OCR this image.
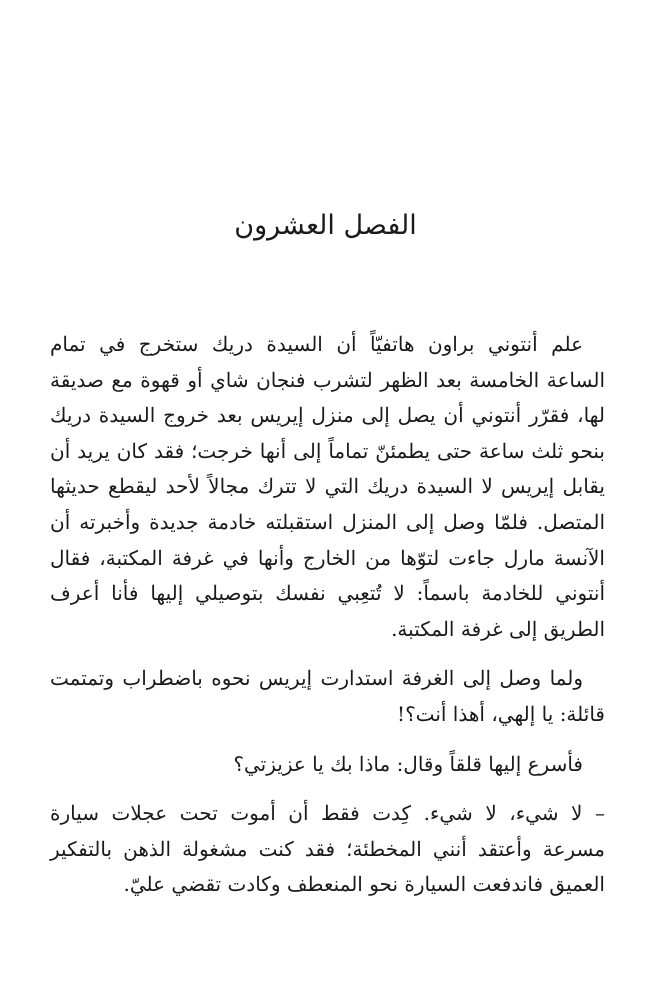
الفصل العشرون

علم أنتوني براون هاتفيّاً أن السيدة دريك ستخرج في تمام الساعة الخامسة بعد الظهر لتشرب فنجان شاي أو قهوة مع صديقة لها، فقرّر أنتوني أن يصل إلى منزل إيريس بعد خروج السيدة دريك بنحو ثلث ساعة حتى يطمئنّ تماماً إلى أنها خرجت؛ فقد كان يريد أن يقابل إيريس لا السيدة دريك التي لا تترك مجالاً لأحد ليقطع حديثها المتصل. فلمّا وصل إلى المنزل استقبلته خادمة جديدة وأخبرته أن الآنسة مارل جاءت لتوّها من الخارج وأنها في غرفة المكتبة، فقال أنتوني للخادمة باسماً: لا تُتعِبي نفسك بتوصيلي إليها فأنا أعرف الطريق إلى غرفة المكتبة.

ولما وصل إلى الغرفة استدارت إيريس نحوه باضطراب وتمتمت قائلة: يا إلهي، أهذا أنت؟!

فأسرع إليها قلقاً وقال: ماذا بك يا عزيزتي؟

– لا شيء، لا شيء. كِدت فقط أن أموت تحت عجلات سيارة مسرعة وأعتقد أنني المخطئة؛ فقد كنت مشغولة الذهن بالتفكير العميق فاندفعت السيارة نحو المنعطف وكادت تقضي عليّ.
